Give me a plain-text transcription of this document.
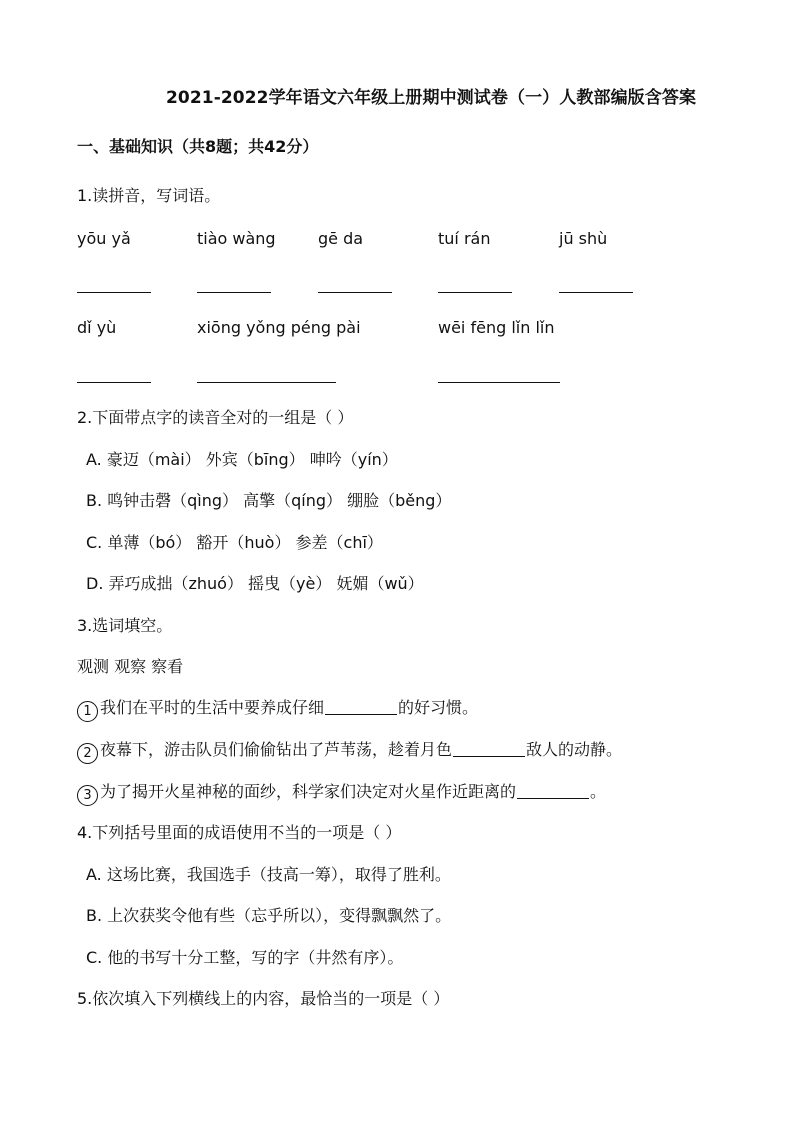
2021-2022学年语文六年级上册期中测试卷（一）人教部编版含答案
一、基础知识（共8题；共42分）
1.读拼音，写词语。
yōu yǎ	tiào wàng	gē da	tuí rán	jū shù
dǐ yù	xiōng yǒng péng pài	wēi fēng lǐn lǐn
2.下面带点字的读音全对的一组是（ ）
A. 豪迈（mài） 外宾（bīng） 呻吟（yín）
B. 鸣钟击磬（qìng） 高擎（qíng） 绷脸（běng）
C. 单薄（bó） 豁开（huò） 参差（chī）
D. 弄巧成拙（zhuó） 摇曳（yè） 妩媚（wǔ）
3.选词填空。
观测 观察 察看
1 我们在平时的生活中要养成仔细	的好习惯。
2 夜幕下，游击队员们偷偷钻出了芦苇荡，趁着月色	敌人的动静。
3 为了揭开火星神秘的面纱，科学家们决定对火星作近距离的	。
4.下列括号里面的成语使用不当的一项是（ ）
A. 这场比赛，我国选手（技高一筹），取得了胜利。
B. 上次获奖令他有些（忘乎所以），变得飘飘然了。
C. 他的书写十分工整，写的字（井然有序）。
5.依次填入下列横线上的内容，最恰当的一项是（ ）
